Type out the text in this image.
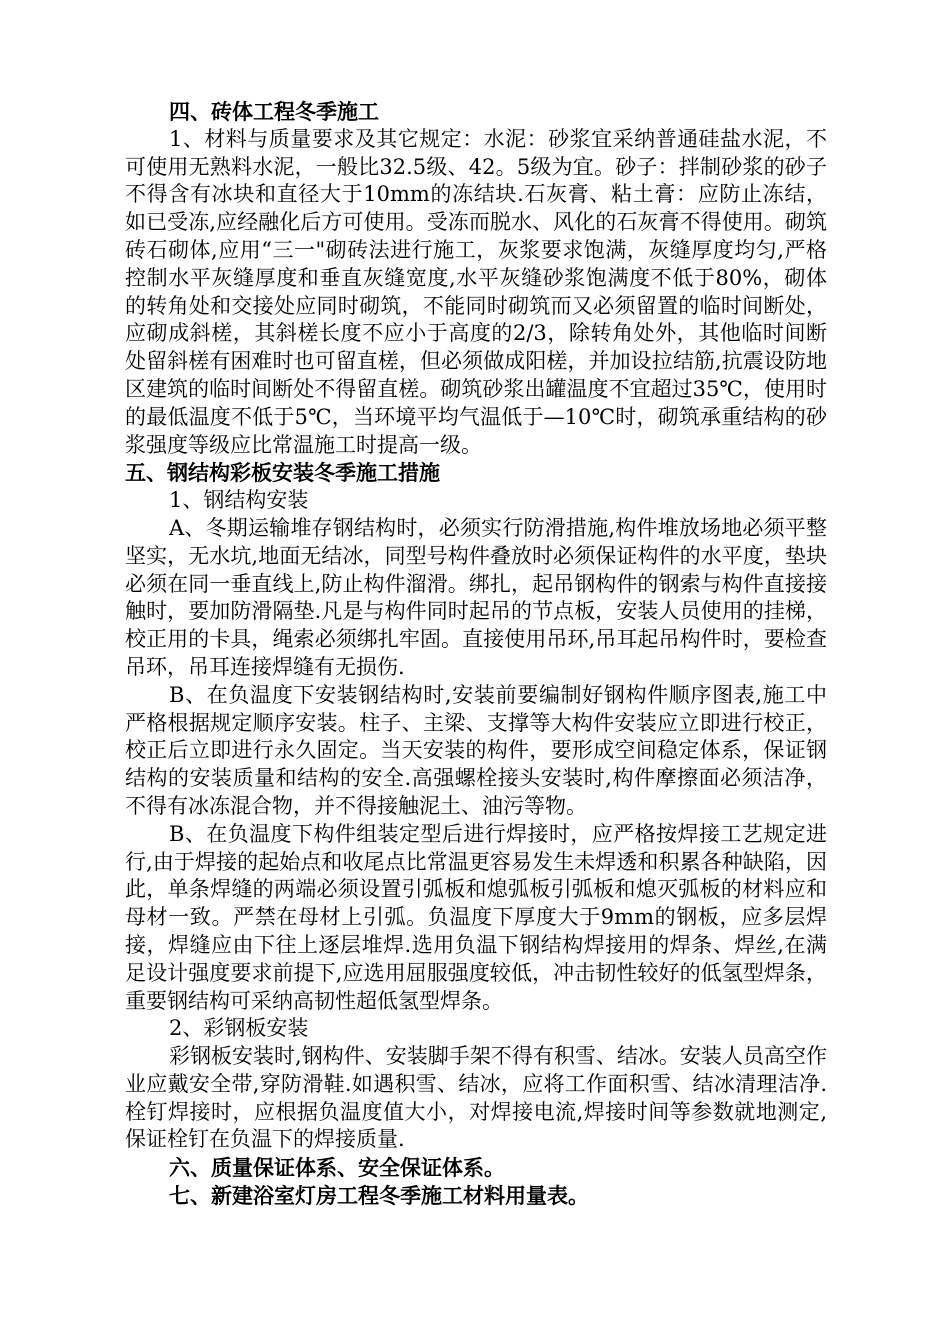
四、砖体工程冬季施工

1、材料与质量要求及其它规定：水泥：砂浆宜采纳普通硅盐水泥，不可使用无熟料水泥，一般比32.5级、42。5级为宜。砂子：拌制砂浆的砂子不得含有冰块和直径大于10mm的冻结块.石灰膏、粘土膏：应防止冻结，如已受冻,应经融化后方可使用。受冻而脱水、风化的石灰膏不得使用。砌筑砖石砌体,应用“三一"砌砖法进行施工，灰浆要求饱满，灰缝厚度均匀,严格控制水平灰缝厚度和垂直灰缝宽度,水平灰缝砂浆饱满度不低于80%，砌体的转角处和交接处应同时砌筑，不能同时砌筑而又必须留置的临时间断处，应砌成斜槎，其斜槎长度不应小于高度的2/3，除转角处外，其他临时间断处留斜槎有困难时也可留直槎，但必须做成阳槎，并加设拉结筋,抗震设防地区建筑的临时间断处不得留直槎。砌筑砂浆出罐温度不宜超过35℃，使用时的最低温度不低于5℃，当环境平均气温低于—10℃时，砌筑承重结构的砂浆强度等级应比常温施工时提高一级。

五、钢结构彩板安装冬季施工措施

1、钢结构安装

A、冬期运输堆存钢结构时，必须实行防滑措施,构件堆放场地必须平整坚实，无水坑,地面无结冰，同型号构件叠放时必须保证构件的水平度，垫块必须在同一垂直线上,防止构件溜滑。绑扎，起吊钢构件的钢索与构件直接接触时，要加防滑隔垫.凡是与构件同时起吊的节点板，安装人员使用的挂梯，校正用的卡具，绳索必须绑扎牢固。直接使用吊环,吊耳起吊构件时，要检查吊环，吊耳连接焊缝有无损伤.

B、在负温度下安装钢结构时,安装前要编制好钢构件顺序图表,施工中严格根据规定顺序安装。柱子、主梁、支撑等大构件安装应立即进行校正，校正后立即进行永久固定。当天安装的构件，要形成空间稳定体系，保证钢结构的安装质量和结构的安全.高强螺栓接头安装时,构件摩擦面必须洁净，不得有冰冻混合物，并不得接触泥土、油污等物。

B、在负温度下构件组装定型后进行焊接时，应严格按焊接工艺规定进行,由于焊接的起始点和收尾点比常温更容易发生未焊透和积累各种缺陷，因此，单条焊缝的两端必须设置引弧板和熄弧板引弧板和熄灭弧板的材料应和母材一致。严禁在母材上引弧。负温度下厚度大于9mm的钢板，应多层焊接，焊缝应由下往上逐层堆焊.选用负温下钢结构焊接用的焊条、焊丝,在满足设计强度要求前提下,应选用屈服强度较低，冲击韧性较好的低氢型焊条，重要钢结构可采纳高韧性超低氢型焊条。

2、彩钢板安装

彩钢板安装时,钢构件、安装脚手架不得有积雪、结冰。安装人员高空作业应戴安全带,穿防滑鞋.如遇积雪、结冰，应将工作面积雪、结冰清理洁净.栓钉焊接时，应根据负温度值大小，对焊接电流,焊接时间等参数就地测定,保证栓钉在负温下的焊接质量.

六、质量保证体系、安全保证体系。

七、新建浴室灯房工程冬季施工材料用量表。
